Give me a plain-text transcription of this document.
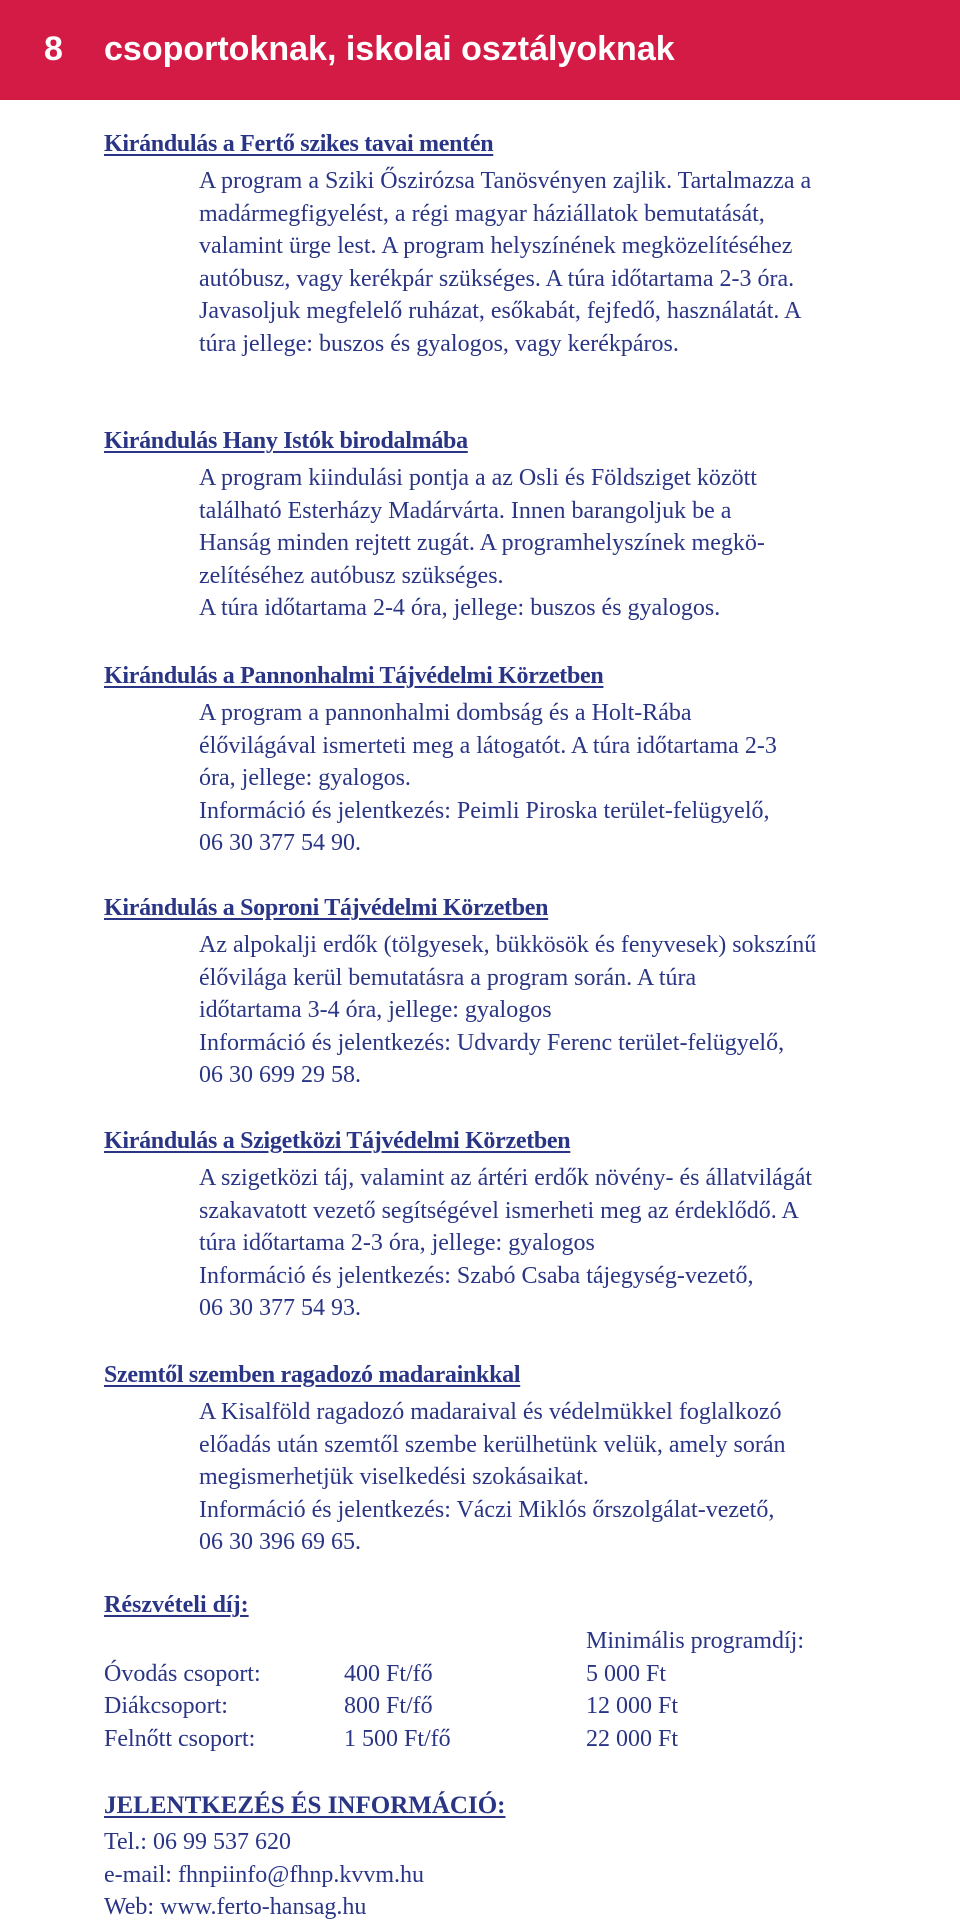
8 csoportoknak, iskolai osztályoknak
Kirándulás a Fertő szikes tavai mentén
A program a Sziki Őszirózsa Tanösvényen zajlik. Tartalmazza a
madármegfigyelést, a régi magyar háziállatok bemutatását,
valamint ürge lest. A program helyszínének megközelítéséhez
autóbusz, vagy kerékpár szükséges. A túra időtartama 2-3 óra.
Javasoljuk megfelelő ruházat, esőkabát, fejfedő, használatát. A
túra jellege: buszos és gyalogos, vagy kerékpáros.
Kirándulás Hany Istók birodalmába
A program kiindulási pontja a az Osli és Földsziget között
található Esterházy Madárvárta. Innen barangoljuk be a
Hanság minden rejtett zugát. A programhelyszínek megkö-
zelítéséhez autóbusz szükséges.
A túra időtartama 2-4 óra, jellege: buszos és gyalogos.
Kirándulás a Pannonhalmi Tájvédelmi Körzetben
A program a pannonhalmi dombság és a Holt-Rába
élővilágával ismerteti meg a látogatót. A túra időtartama 2-3
óra, jellege: gyalogos.
Információ és jelentkezés: Peimli Piroska terület-felügyelő,
06 30 377 54 90.
Kirándulás a Soproni Tájvédelmi Körzetben
Az alpokalji erdők (tölgyesek, bükkösök és fenyvesek) sokszínű
élővilága kerül bemutatásra a program során. A túra
időtartama 3-4 óra, jellege: gyalogos
Információ és jelentkezés: Udvardy Ferenc terület-felügyelő,
06 30 699 29 58.
Kirándulás a Szigetközi Tájvédelmi Körzetben
A szigetközi táj, valamint az ártéri erdők növény- és állatvilágát
szakavatott vezető segítségével ismerheti meg az érdeklődő. A
túra időtartama 2-3 óra, jellege: gyalogos
Információ és jelentkezés: Szabó Csaba tájegység-vezető,
06 30 377 54 93.
Szemtől szemben ragadozó madarainkkal
A Kisalföld ragadozó madaraival és védelmükkel foglalkozó
előadás után szemtől szembe kerülhetünk velük, amely során
megismerhetjük viselkedési szokásaikat.
Információ és jelentkezés: Váczi Miklós őrszolgálat-vezető,
06 30 396 69 65.
Részvételi díj:
Minimális programdíj:
Óvodás csoport:	400 Ft/fő	5 000 Ft
Diákcsoport:	800 Ft/fő	12 000 Ft
Felnőtt csoport:	1 500 Ft/fő	22 000 Ft
JELENTKEZÉS ÉS INFORMÁCIÓ:
Tel.: 06 99 537 620
e-mail: fhnpiinfo@fhnp.kvvm.hu
Web: www.ferto-hansag.hu
